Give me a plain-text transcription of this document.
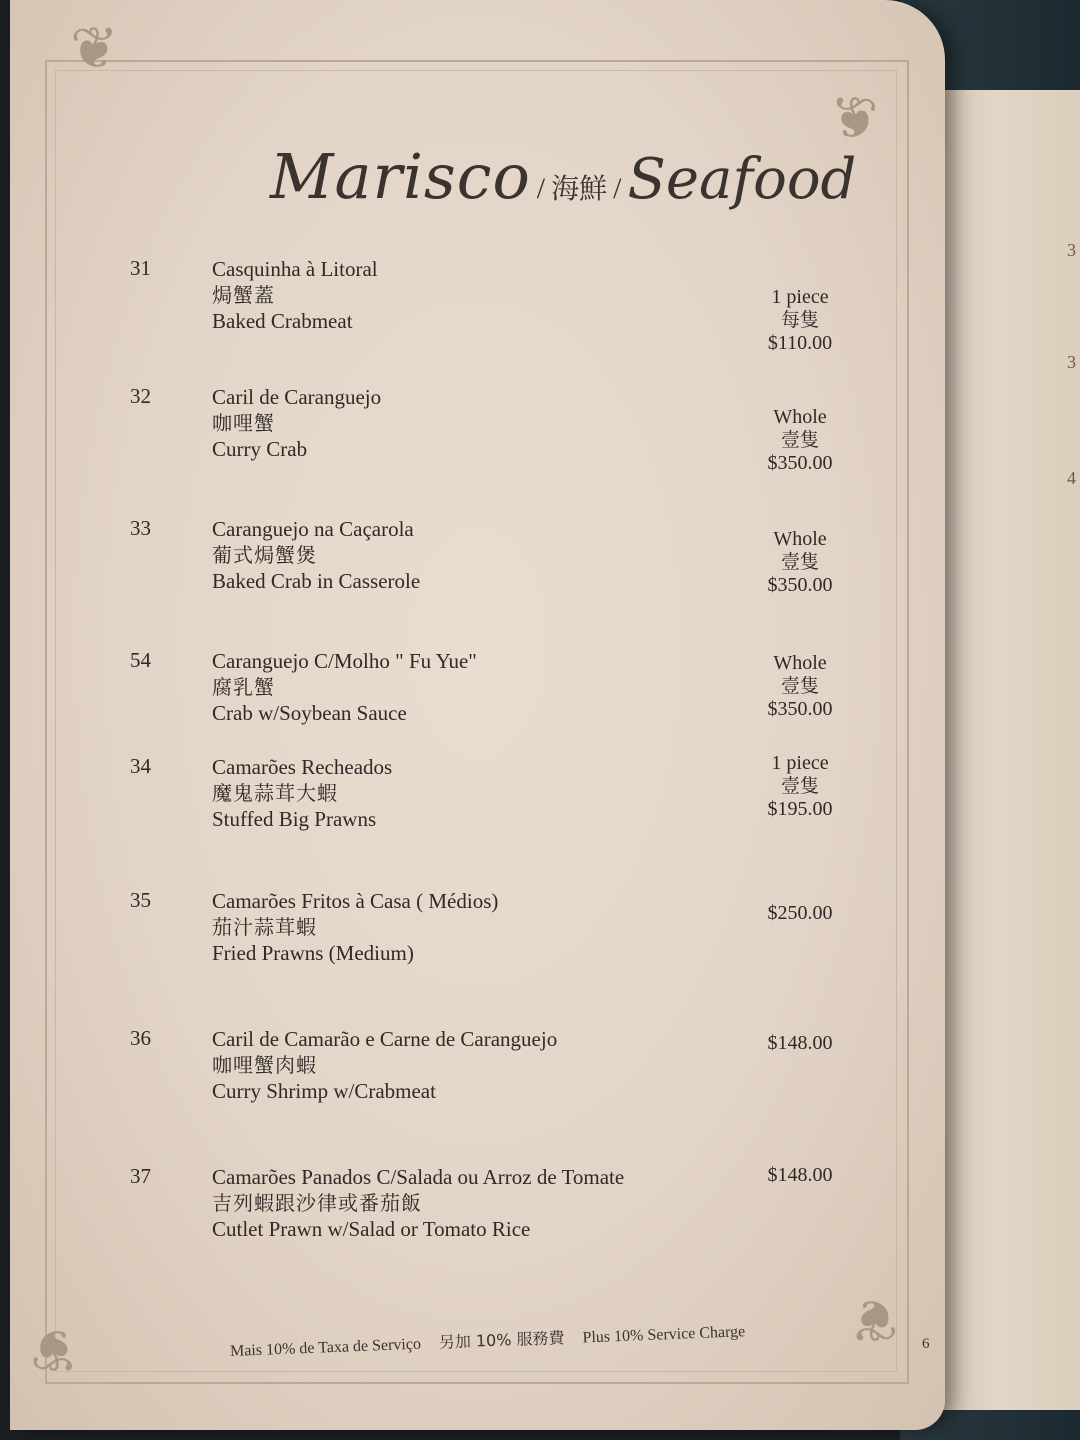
3
3
4
❦
❦
❦	❦
Marisco / 海鮮 / Seafood
31	Casquinha à Litoral
焗蟹蓋
Baked Crabmeat
1 piece
每隻
$110.00
32	Caril de Caranguejo
咖哩蟹
Curry Crab
Whole
壹隻
$350.00
33	Caranguejo na Caçarola
葡式焗蟹煲
Baked Crab in Casserole
Whole
壹隻
$350.00
54	Caranguejo C/Molho " Fu Yue"
腐乳蟹
Crab w/Soybean Sauce
Whole
壹隻
$350.00
34	Camarões Recheados
魔鬼蒜茸大蝦
Stuffed Big Prawns
1 piece
壹隻
$195.00
35	Camarões Fritos à Casa ( Médios)
茄汁蒜茸蝦
Fried Prawns (Medium)
$250.00
36	Caril de Camarão e Carne de Caranguejo
咖哩蟹肉蝦
Curry Shrimp w/Crabmeat
$148.00
37	Camarões Panados C/Salada ou Arroz de Tomate
吉列蝦跟沙律或番茄飯
Cutlet Prawn w/Salad or Tomato Rice
$148.00
Mais 10% de Taxa de Serviço 另加 10% 服務費 Plus 10% Service Charge	6
